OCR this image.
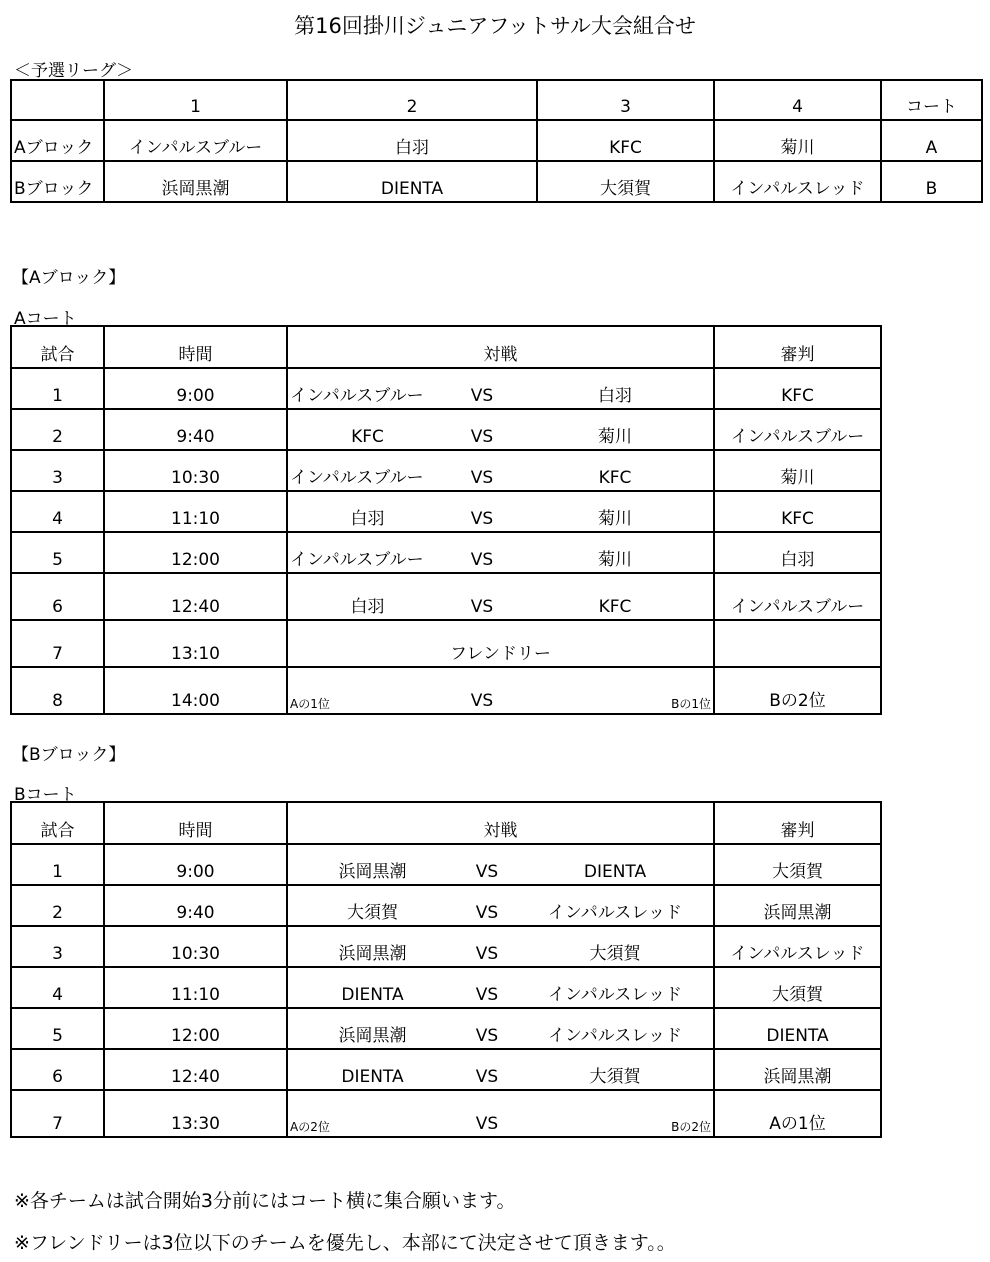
第16回掛川ジュニアフットサル大会組合せ
＜予選リーグ＞
	1	2	3	4	コート
Aブロック	インパルスブルー	白羽	KFC	菊川	A
Bブロック	浜岡黒潮	DIENTA	大須賀	インパルスレッド	B
【Aブロック】
Aコート
試合	時間	対戦			審判
1	9:00	インパルスブルー	VS	白羽	KFC
2	9:40	KFC	VS	菊川	インパルスブルー
3	10:30	インパルスブルー	VS	KFC	菊川
4	11:10	白羽	VS	菊川	KFC
5	12:00	インパルスブルー	VS	菊川	白羽
6	12:40	白羽	VS	KFC	インパルスブルー
7	13:10	フレンドリー			
8	14:00	Aの1位	VS	Bの1位	Bの2位
【Bブロック】
Bコート
試合	時間	対戦			審判
1	9:00	浜岡黒潮	VS	DIENTA	大須賀
2	9:40	大須賀	VS	インパルスレッド	浜岡黒潮
3	10:30	浜岡黒潮	VS	大須賀	インパルスレッド
4	11:10	DIENTA	VS	インパルスレッド	大須賀
5	12:00	浜岡黒潮	VS	インパルスレッド	DIENTA
6	12:40	DIENTA	VS	大須賀	浜岡黒潮
7	13:30	Aの2位	VS	Bの2位	Aの1位
※各チームは試合開始3分前にはコート横に集合願います。
※フレンドリーは3位以下のチームを優先し、本部にて決定させて頂きます。。
